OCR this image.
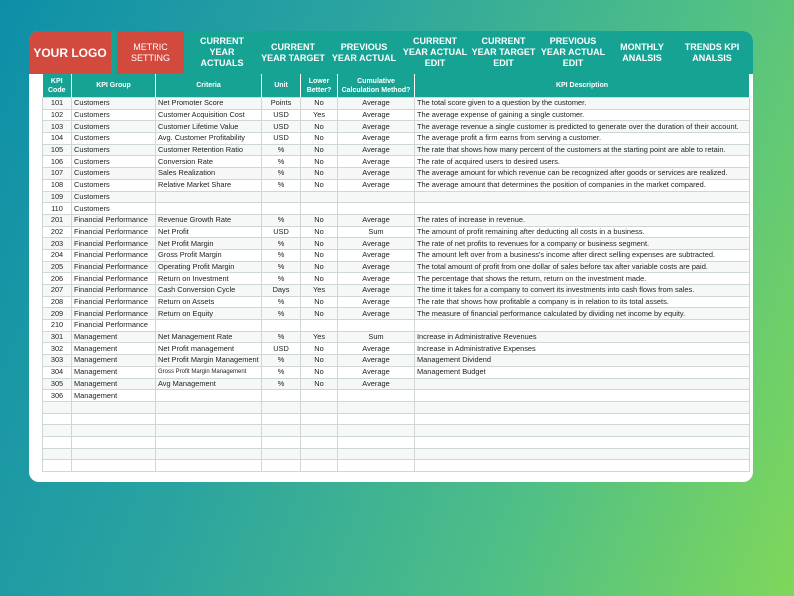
YOUR LOGO	METRIC SETTING
CURRENT YEAR ACTUALS
CURRENT YEAR TARGET
PREVIOUS YEAR ACTUAL
CURRENT YEAR ACTUAL EDIT
CURRENT YEAR TARGET EDIT
PREVIOUS YEAR ACTUAL EDIT
MONTHLY ANALSIS
TRENDS KPI ANALSIS
KPI Code	KPI Group	Criteria	Unit	Lower Better?	Cumulative Calculation Method?	KPI Description
101	Customers	Net Promoter Score	Points	No	Average	The total score given to a question by the customer.
102	Customers	Customer Acquisition Cost	USD	Yes	Average	The average expense of gaining a single customer.
103	Customers	Customer Lifetime Value	USD	No	Average	The average revenue a single customer is predicted to generate over the duration of their account.
104	Customers	Avg. Customer Profitability	USD	No	Average	The average profit a firm earns from serving a customer.
105	Customers	Customer Retention Ratio	%	No	Average	The rate that shows how many percent of the customers at the starting point are able to retain.
106	Customers	Conversion Rate	%	No	Average	The rate of acquired users to desired users.
107	Customers	Sales Realization	%	No	Average	The average amount for which revenue can be recognized after goods or services are realized.
108	Customers	Relative Market Share	%	No	Average	The average amount that determines the position of companies in the market compared.
109	Customers					
110	Customers					
201	Financial Performance	Revenue Growth Rate	%	No	Average	The rates of increase in revenue.
202	Financial Performance	Net Profit	USD	No	Sum	The amount of profit remaining after deducting all costs in a business.
203	Financial Performance	Net Profit Margin	%	No	Average	The rate of net profits to revenues for a company or business segment.
204	Financial Performance	Gross Profit Margin	%	No	Average	The amount left over from a business's income after direct selling expenses are subtracted.
205	Financial Performance	Operating Profit Margin	%	No	Average	The total amount of profit from one dollar of sales before tax after variable costs are paid.
206	Financial Performance	Return on Investment	%	No	Average	The percentage that shows the return, return on the investment made.
207	Financial Performance	Cash Conversion Cycle	Days	Yes	Average	The time it takes for a company to convert its investments into cash flows from sales.
208	Financial Performance	Return on Assets	%	No	Average	The rate that shows how profitable a company is in relation to its total assets.
209	Financial Performance	Return on Equity	%	No	Average	The measure of financial performance calculated by dividing net income by equity.
210	Financial Performance					
301	Management	Net Management Rate	%	Yes	Sum	Increase in Administrative Revenues
302	Management	Net Profit management	USD	No	Average	Increase in Administrative Expenses
303	Management	Net Profit Margin Management	%	No	Average	Management Dividend
304	Management	Gross Profit Margin Management	%	No	Average	Management Budget
305	Management	Avg Management	%	No	Average	
306	Management					
